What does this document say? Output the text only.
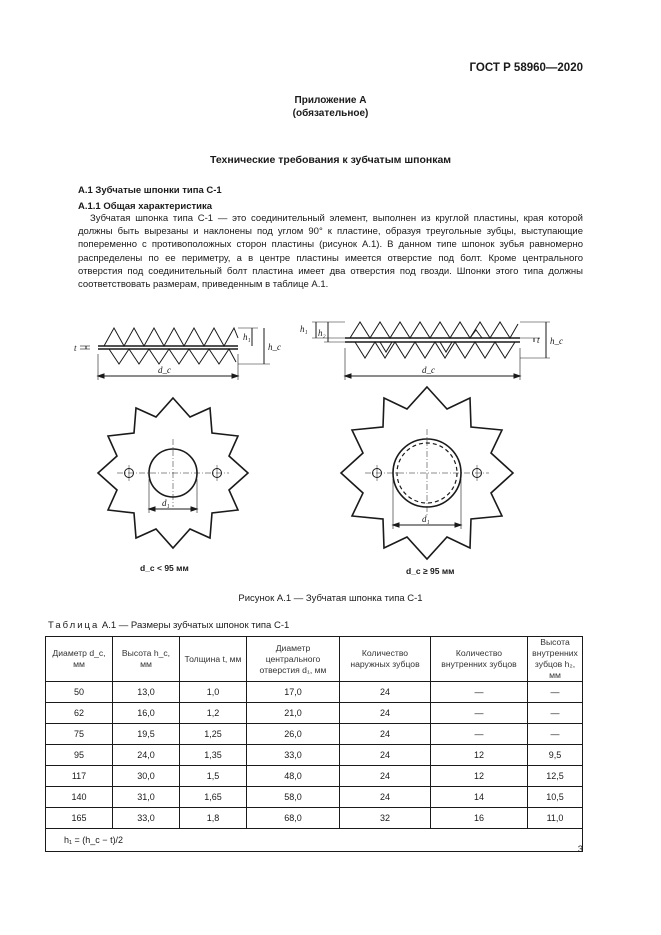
ГОСТ Р 58960—2020
Приложение А
(обязательное)
Технические требования к зубчатым шпонкам
А.1 Зубчатые шпонки типа С-1
А.1.1 Общая характеристика
Зубчатая шпонка типа С-1 — это соединительный элемент, выполнен из круглой пластины, края которой должны быть вырезаны и наклонены под углом 90° к пластине, образуя треугольные зубцы, выступающие попеременно с противоположных сторон пластины (рисунок А.1). В данном типе шпонок зубья равномерно распределены по ее периметру, а в центре пластины имеется отверстие под болт. Кроме центрального отверстия под соединительный болт пластина имеет два отверстия под гвозди. Шпонки этого типа должны соответствовать размерам, приведенным в таблице А.1.
t
h₁
h_c
d_c
d₁
h₁ h₂
t h_c
d_c
d₁
d_c < 95 мм	d_c ≥ 95 мм
Рисунок А.1 — Зубчатая шпонка типа С-1
Таблица А.1 — Размеры зубчатых шпонок типа С-1
Диаметр d_c, мм	Высота h_c, мм	Толщина t, мм	Диаметр центрального отверстия d₁, мм	Количество наружных зубцов	Количество внутренних зубцов	Высота внутренних зубцов h₂, мм
50	13,0	1,0	17,0	24	—	—
62	16,0	1,2	21,0	24	—	—
75	19,5	1,25	26,0	24	—	—
95	24,0	1,35	33,0	24	12	9,5
117	30,0	1,5	48,0	24	12	12,5
140	31,0	1,65	58,0	24	14	10,5
165	33,0	1,8	68,0	32	16	11,0
h₁ = (h_c − t)/2						
3
